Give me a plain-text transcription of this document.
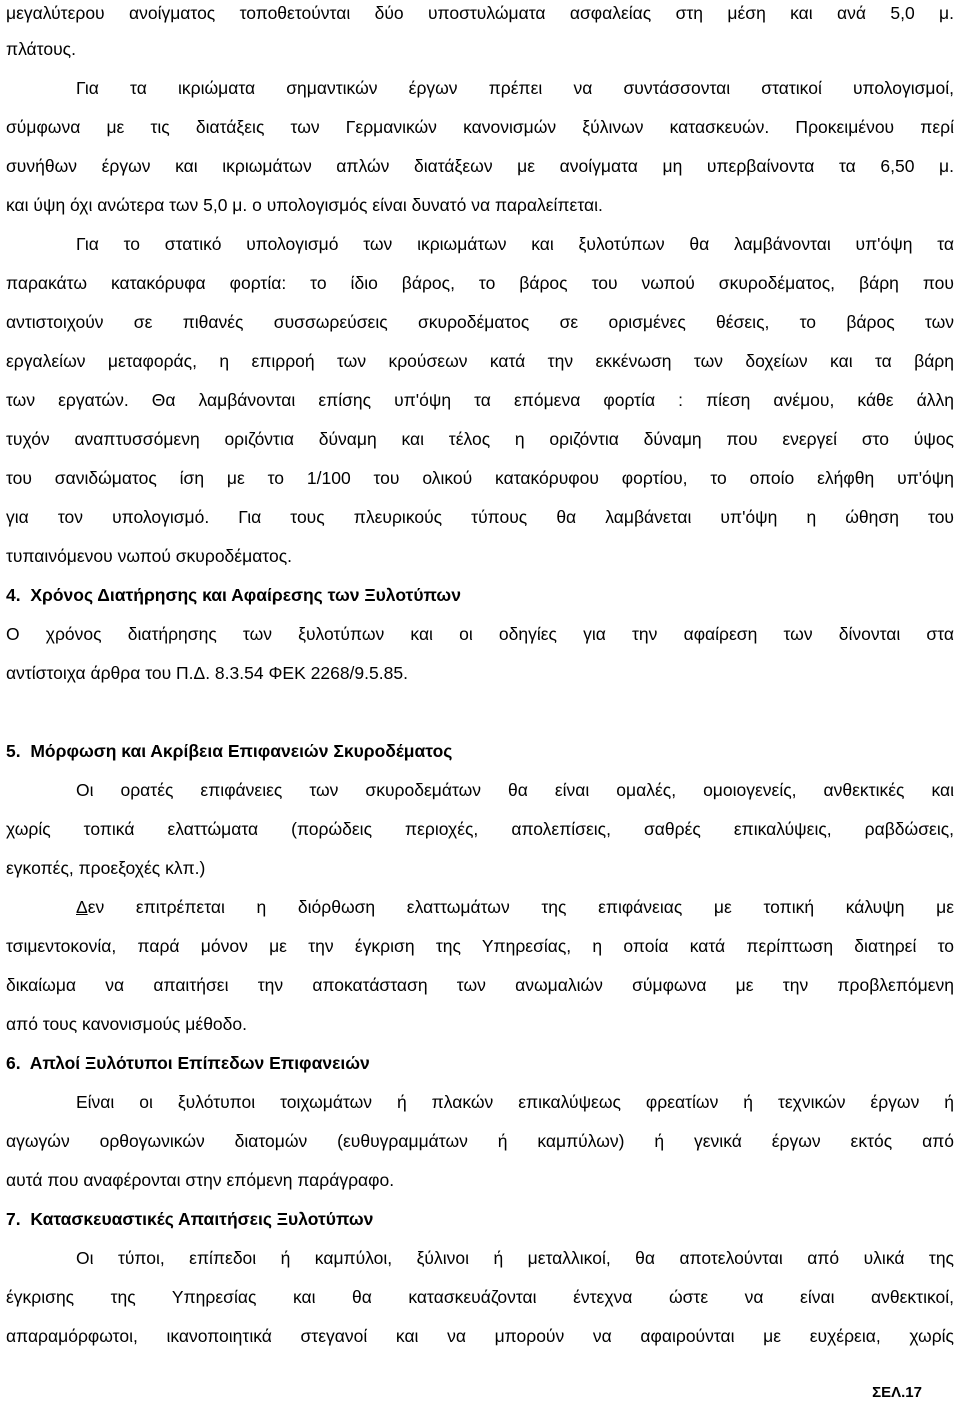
μεγαλύτερου ανοίγματος τοποθετούνται δύο υποστυλώματα ασφαλείας στη μέση και ανά 5,0 μ.
πλάτους.
Για τα ικριώματα σημαντικών έργων πρέπει να συντάσσονται στατικοί υπολογισμοί,
σύμφωνα με τις διατάξεις των Γερμανικών κανονισμών ξύλινων κατασκευών. Προκειμένου περί
συνήθων έργων και ικριωμάτων απλών διατάξεων με ανοίγματα μη υπερβαίνοντα τα 6,50 μ.
και ύψη όχι ανώτερα των 5,0 μ. ο υπολογισμός είναι δυνατό να παραλείπεται.
Για το στατικό υπολογισμό των ικριωμάτων και ξυλοτύπων θα λαμβάνονται υπ'όψη τα
παρακάτω κατακόρυφα φορτία: το ίδιο βάρος, το βάρος του νωπού σκυροδέματος, βάρη που
αντιστοιχούν σε πιθανές συσσωρεύσεις σκυροδέματος σε ορισμένες θέσεις, το βάρος των
εργαλείων μεταφοράς, η επιρροή των κρούσεων κατά την εκκένωση των δοχείων και τα βάρη
των εργατών. Θα λαμβάνονται επίσης υπ'όψη τα επόμενα φορτία : πίεση ανέμου, κάθε άλλη
τυχόν αναπτυσσόμενη οριζόντια δύναμη και τέλος η οριζόντια δύναμη που ενεργεί στο ύψος
του σανιδώματος ίση με το 1/100 του ολικού κατακόρυφου φορτίου, το οποίο ελήφθη υπ'όψη
για τον υπολογισμό. Για τους πλευρικούς τύπους θα λαμβάνεται υπ'όψη η ώθηση του
τυπαινόμενου νωπού σκυροδέματος.
4. Χρόνος Διατήρησης και Αφαίρεσης των Ξυλοτύπων
Ο χρόνος διατήρησης των ξυλοτύπων και οι οδηγίες για την αφαίρεση των δίνονται στα
αντίστοιχα άρθρα του Π.Δ. 8.3.54 ΦΕΚ 2268/9.5.85.
5. Μόρφωση και Ακρίβεια Επιφανειών Σκυροδέματος
Οι ορατές επιφάνειες των σκυροδεμάτων θα είναι ομαλές, ομοιογενείς, ανθεκτικές και
χωρίς τοπικά ελαττώματα (πορώδεις περιοχές, απολεπίσεις, σαθρές επικαλύψεις, ραβδώσεις,
εγκοπές, προεξοχές κλπ.)
Δεν επιτρέπεται η διόρθωση ελαττωμάτων της επιφάνειας με τοπική κάλυψη με
τσιμεντοκονία, παρά μόνον με την έγκριση της Υπηρεσίας, η οποία κατά περίπτωση διατηρεί το
δικαίωμα να απαιτήσει την αποκατάσταση των ανωμαλιών σύμφωνα με την προβλεπόμενη
από τους κανονισμούς μέθοδο.
6. Απλοί Ξυλότυποι Επίπεδων Επιφανειών
Είναι οι ξυλότυποι τοιχωμάτων ή πλακών επικαλύψεως φρεατίων ή τεχνικών έργων ή
αγωγών ορθογωνικών διατομών (ευθυγραμμάτων ή καμπύλων) ή γενικά έργων εκτός από
αυτά που αναφέρονται στην επόμενη παράγραφο.
7. Κατασκευαστικές Απαιτήσεις Ξυλοτύπων
Οι τύποι, επίπεδοι ή καμπύλοι, ξύλινοι ή μεταλλικοί, θα αποτελούνται από υλικά της
έγκρισης της Υπηρεσίας και θα κατασκευάζονται έντεχνα ώστε να είναι ανθεκτικοί,
απαραμόρφωτοι, ικανοποιητικά στεγανοί και να μπορούν να αφαιρούνται με ευχέρεια, χωρίς
ΣΕΛ.17
